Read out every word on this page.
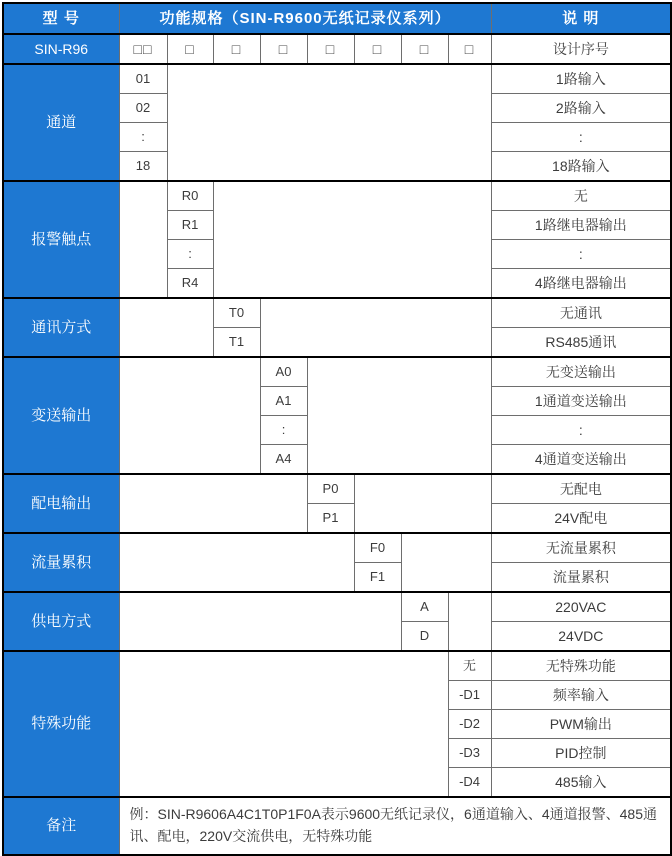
型 号	功能规格（SIN-R9600无纸记录仪系列）								说 明
SIN-R96	□□	□	□	□	□	□	□	□	设计序号
通道	01								1路输入
	02								2路输入
	:								:
	18								18路输入
报警触点		R0							无
		R1							1路继电器输出
		:							:
		R4							4路继电器输出
通讯方式			T0						无通讯
			T1						RS485通讯
变送输出				A0					无变送输出
				A1					1通道变送输出
				:					:
				A4					4通道变送输出
配电输出					P0				无配电
					P1				24V配电
流量累积						F0			无流量累积
						F1			流量累积
供电方式							A		220VAC
							D		24VDC
特殊功能								无	无特殊功能
								-D1	频率输入
								-D2	PWM输出
								-D3	PID控制
								-D4	485输入
备注	例：SIN-R9606A4C1T0P1F0A表示9600无纸记录仪，6通道输入、4通道报警、485通讯、配电，220V交流供电，无特殊功能								
